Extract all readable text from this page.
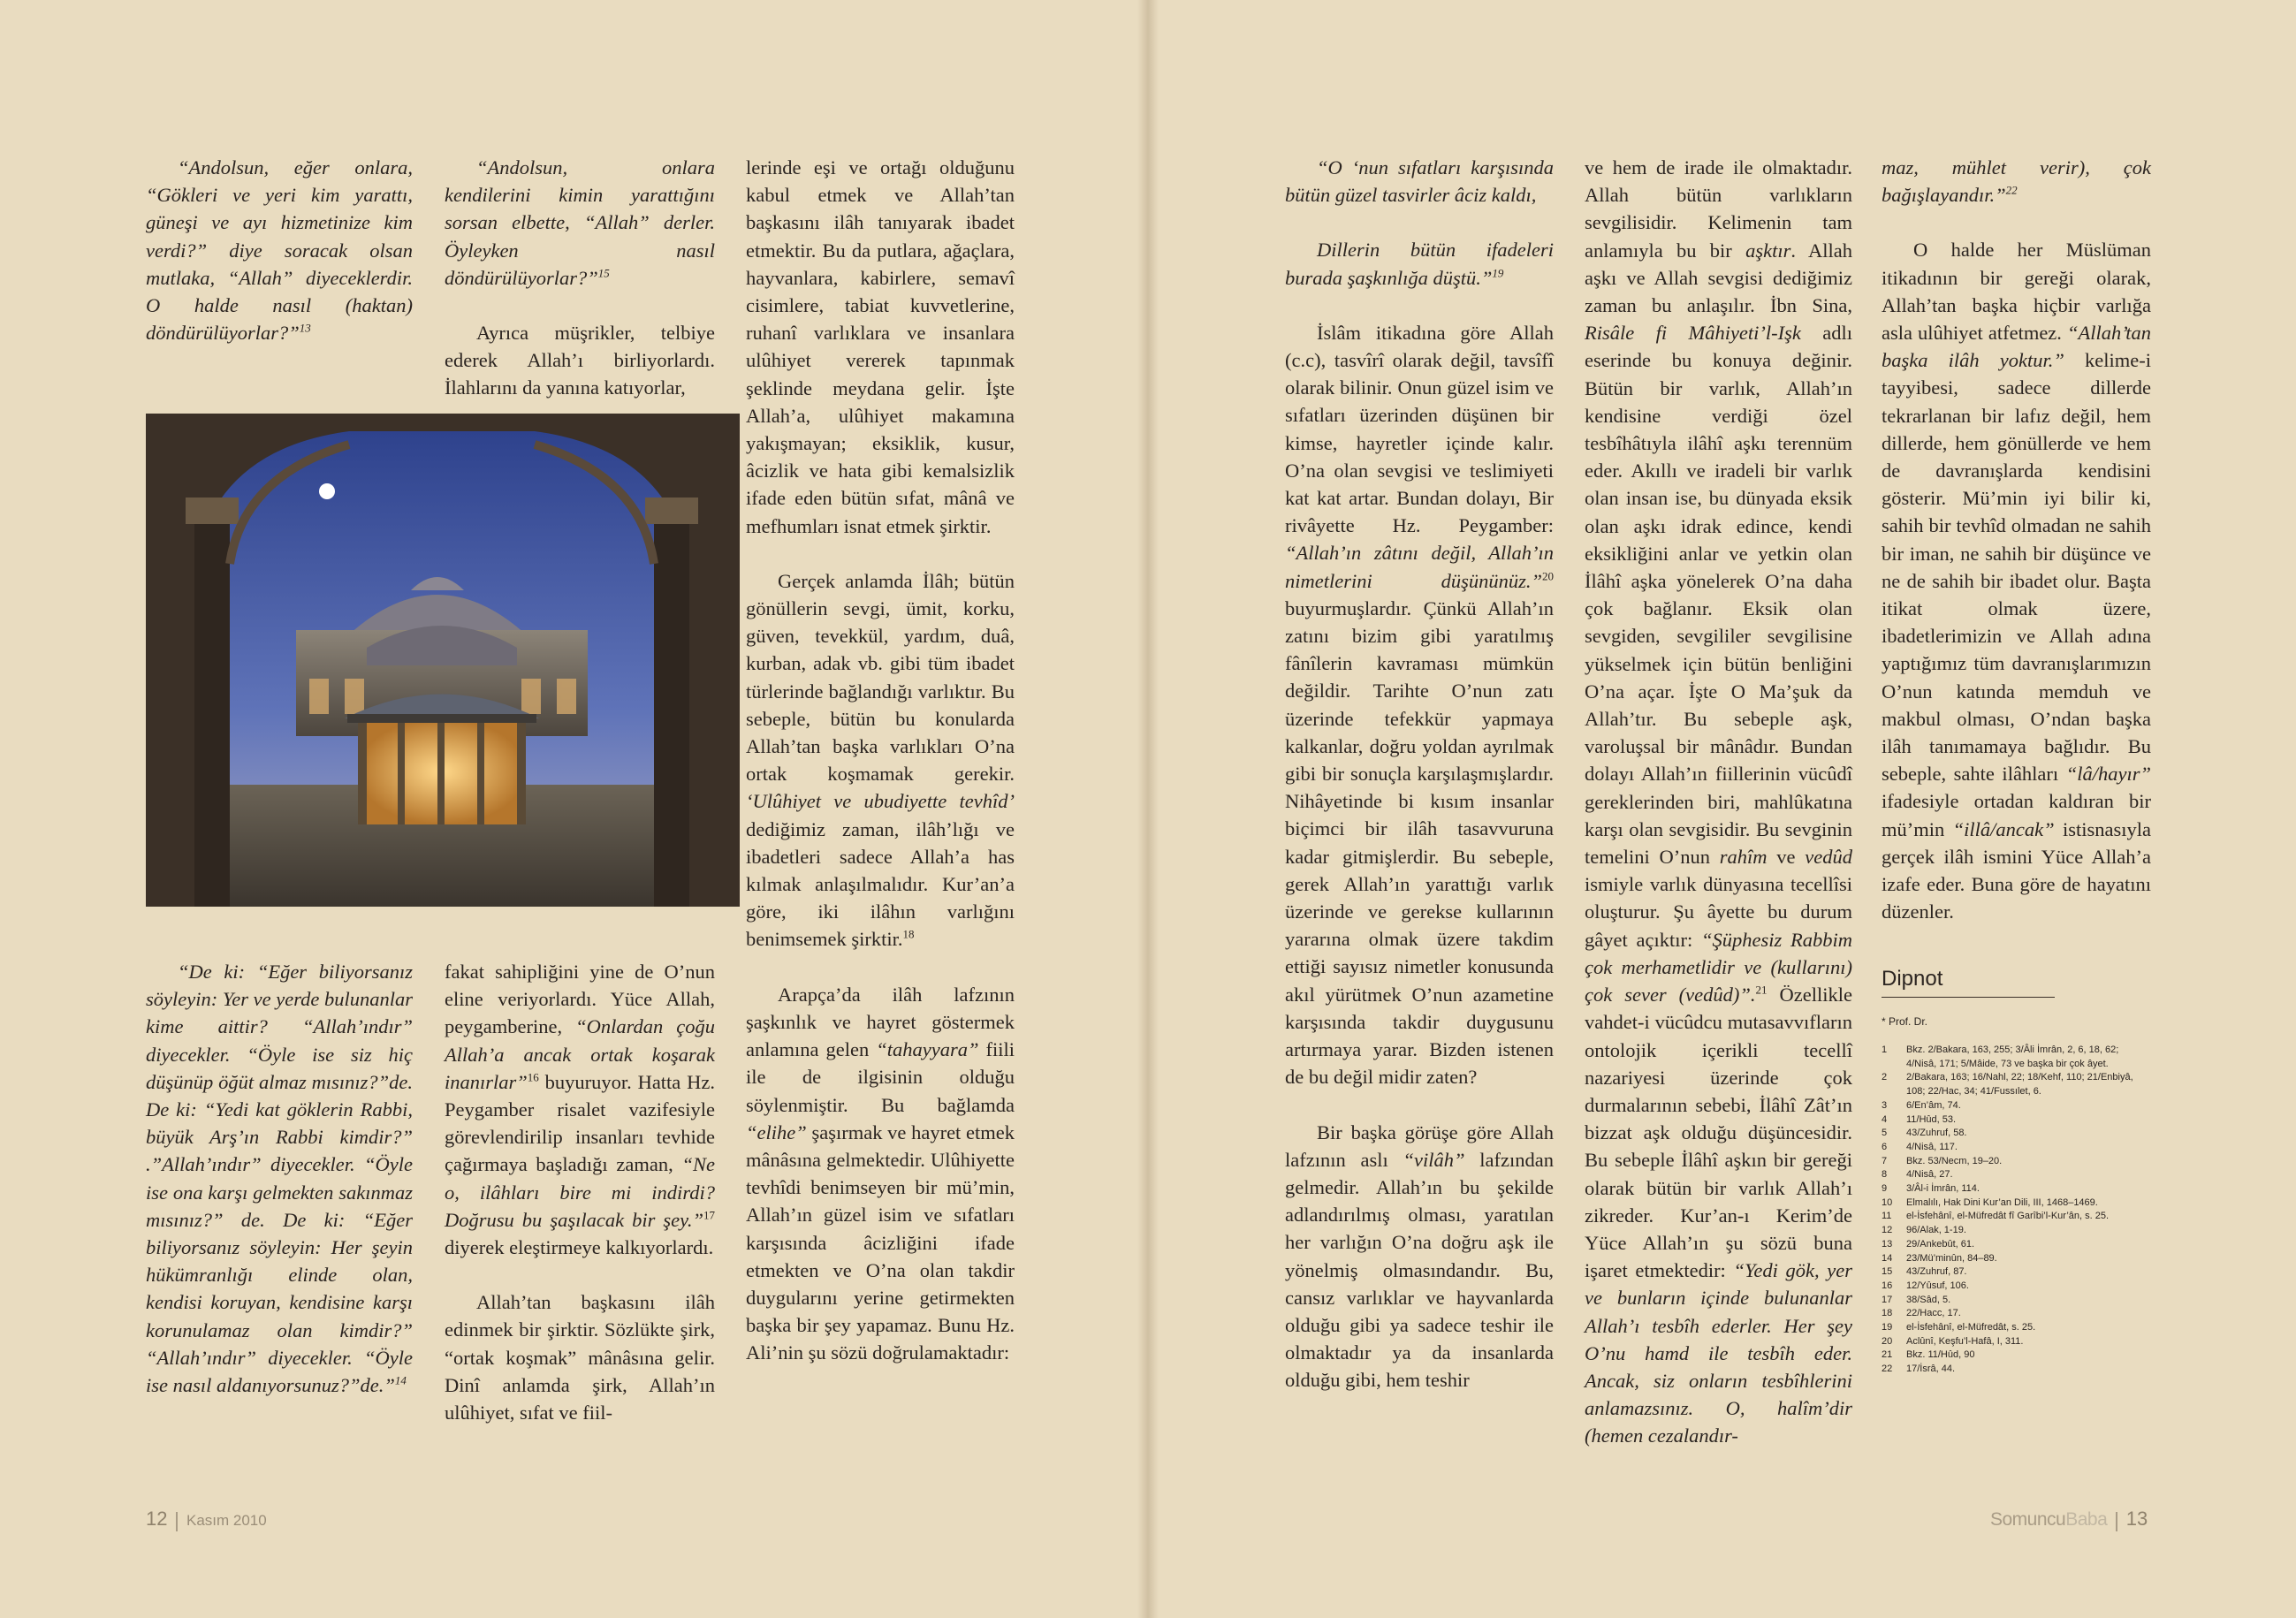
“Andolsun, eğer onlara, “Gökleri ve yeri kim yarattı, güneşi ve ayı hizmetinize kim verdi?” diye soracak olsan mutlaka, “Allah” diyeceklerdir. O halde nasıl (haktan) döndürülüyorlar?”$^{13}$

“Andolsun, onlara kendilerini kimin yarattığını sorsan elbette, “Allah” derler. Öyleyken nasıl döndürülüyorlar?”$^{15}$

Ayrıca müşrikler, telbiye ederek Allah’ı birliyorlardı. İlahlarını da yanına katıyorlar,

lerinde eşi ve ortağı olduğunu kabul etmek ve Allah’tan başkasını ilâh tanıyarak ibadet etmektir. Bu da putlara, ağaçlara, hayvanlara, kabirlere, semavî cisimlere, tabiat kuvvetlerine, ruhanî varlıklara ve insanlara ulûhiyet vererek tapınmak şeklinde meydana gelir. İşte Allah’a, ulûhiyet makamına yakışmayan; eksiklik, kusur, âcizlik ve hata gibi kemalsizlik ifade eden bütün sıfat, mânâ ve mefhumları isnat etmek şirktir.

Gerçek anlamda İlâh; bütün gönüllerin sevgi, ümit, korku, güven, tevekkül, yardım, duâ, kurban, adak vb. gibi tüm ibadet türlerinde bağlandığı varlıktır. Bu sebeple, bütün bu konularda Allah’tan başka varlıkları O’na ortak koşmamak gerekir. ‘Ulûhiyet ve ubudiyette tevhîd’ dediğimiz zaman, ilâh’lığı ve ibadetleri sadece Allah’a has kılmak anlaşılmalıdır. Kur’an’a göre, iki ilâhın varlığını benimsemek şirktir.$^{18}$

Arapça’da ilâh lafzının şaşkınlık ve hayret göstermek anlamına gelen “tahayyara” fiili ile de ilgisinin olduğu söylenmiştir. Bu bağlamda “elihe” şaşırmak ve hayret etmek mânâsına gelmektedir. Ulûhiyette tevhîdi benimseyen bir mü’min, Allah’ın güzel isim ve sıfatları karşısında âcizliğini ifade etmekten ve O’na olan takdir duygularını yerine getirmekten başka bir şey yapamaz. Bunu Hz. Ali’nin şu sözü doğrulamaktadır:

“De ki: “Eğer biliyorsanız söyleyin: Yer ve yerde bulunanlar kime aittir? “Allah’ındır” diyecekler. “Öyle ise siz hiç düşünüp öğüt almaz mısınız?”de. De ki: “Yedi kat göklerin Rabbi, büyük Arş’ın Rabbi kimdir?” .”Allah’ındır” diyecekler. “Öyle ise ona karşı gelmekten sakınmaz mısınız?” de. De ki: “Eğer biliyorsanız söyleyin: Her şeyin hükümranlığı elinde olan, kendisi koruyan, kendisine karşı korunulamaz olan kimdir?” “Allah’ındır” diyecekler. “Öyle ise nasıl aldanıyorsunuz?”de.”$^{14}$

fakat sahipliğini yine de O’nun eline veriyorlardı. Yüce Allah, peygamberine, “Onlardan çoğu Allah’a ancak ortak koşarak inanırlar”$^{16}$ buyuruyor. Hatta Hz. Peygamber risalet vazifesiyle görevlendirilip insanları tevhide çağırmaya başladığı zaman, “Ne o, ilâhları bire mi indirdi? Doğrusu bu şaşılacak bir şey.”$^{17}$ diyerek eleştirmeye kalkıyorlardı.

Allah’tan başkasını ilâh edinmek bir şirktir. Sözlükte şirk, “ortak koşmak” mânâsına gelir. Dinî anlamda şirk, Allah’ın ulûhiyet, sıfat ve fiil-

“O ‘nun sıfatları karşısında bütün güzel tasvirler âciz kaldı,

Dillerin bütün ifadeleri burada şaşkınlığa düştü.”$^{19}$

İslâm itikadına göre Allah (c.c), tasvîrî olarak değil, tavsîfî olarak bilinir. Onun güzel isim ve sıfatları üzerinden düşünen bir kimse, hayretler içinde kalır. O’na olan sevgisi ve teslimiyeti kat kat artar. Bundan dolayı, Bir rivâyette Hz. Peygamber: “Allah’ın zâtını değil, Allah’ın nimetlerini düşününüz.”$^{20}$ buyurmuşlardır. Çünkü Allah’ın zatını bizim gibi yaratılmış fânîlerin kavraması mümkün değildir. Tarihte O’nun zatı üzerinde tefekkür yapmaya kalkanlar, doğru yoldan ayrılmak gibi bir sonuçla karşılaşmışlardır. Nihâyetinde bi kısım insanlar biçimci bir ilâh tasavvuruna kadar gitmişlerdir. Bu sebeple, gerek Allah’ın yarattığı varlık üzerinde ve gerekse kullarının yararına olmak üzere takdim ettiği sayısız nimetler konusunda akıl yürütmek O’nun azametine karşısında takdir duygusunu artırmaya yarar. Bizden istenen de bu değil midir zaten?

Bir başka görüşe göre Allah lafzının aslı “vilâh” lafzından gelmedir. Allah’ın bu şekilde adlandırılmış olması, yaratılan her varlığın O’na doğru aşk ile yönelmiş olmasındandır. Bu, cansız varlıklar ve hayvanlarda olduğu gibi ya sadece teshir ile olmaktadır ya da insanlarda olduğu gibi, hem teshir

ve hem de irade ile olmaktadır. Allah bütün varlıkların sevgilisidir. Kelimenin tam anlamıyla bu bir aşktır. Allah aşkı ve Allah sevgisi dediğimiz zaman bu anlaşılır. İbn Sina, Risâle fi Mâhiyeti’l-Işk adlı eserinde bu konuya değinir. Bütün bir varlık, Allah’ın kendisine verdiği özel tesbîhâtıyla ilâhî aşkı terennüm eder. Akıllı ve iradeli bir varlık olan insan ise, bu dünyada eksik olan aşkı idrak edince, kendi eksikliğini anlar ve yetkin olan İlâhî aşka yönelerek O’na daha çok bağlanır. Eksik olan sevgiden, sevgililer sevgilisine yükselmek için bütün benliğini O’na açar. İşte O Ma’şuk da Allah’tır. Bu sebeple aşk, varoluşsal bir mânâdır. Bundan dolayı Allah’ın fiillerinin vücûdî gereklerinden biri, mahlûkatına karşı olan sevgisidir. Bu sevginin temelini O’nun rahîm ve vedûd ismiyle varlık dünyasına tecellîsi oluşturur. Şu âyette bu durum gâyet açıktır: “Şüphesiz Rabbim çok merhametlidir ve (kullarını) çok sever (vedûd)”.$^{21}$ Özellikle vahdet-i vücûdcu mutasavvıfların ontolojik içerikli tecellî nazariyesi üzerinde çok durmalarının sebebi, İlâhî Zât’ın bizzat aşk olduğu düşüncesidir. Bu sebeple İlâhî aşkın bir gereği olarak bütün bir varlık Allah’ı zikreder. Kur’an-ı Kerim’de Yüce Allah’ın şu sözü buna işaret etmektedir: “Yedi gök, yer ve bunların içinde bulunanlar Allah’ı tesbîh ederler. Her şey O’nu hamd ile tesbîh eder. Ancak, siz onların tesbîhlerini anlamazsınız. O, halîm’dir (hemen cezalandır-

maz, mühlet verir), çok bağışlayandır.”$^{22}$

O halde her Müslüman itikadının bir gereği olarak, Allah’tan başka hiçbir varlığa asla ulûhiyet atfetmez. “Allah’tan başka ilâh yoktur.” kelime-i tayyibesi, sadece dillerde tekrarlanan bir lafız değil, hem dillerde, hem gönüllerde ve hem de davranışlarda kendisini gösterir. Mü’min iyi bilir ki, sahih bir tevhîd olmadan ne sahih bir iman, ne sahih bir düşünce ve ne de sahih bir ibadet olur. Başta itikat olmak üzere, ibadetlerimizin ve Allah adına yaptığımız tüm davranışlarımızın O’nun katında memduh ve makbul olması, O’ndan başka ilâh tanımamaya bağlıdır. Bu sebeple, sahte ilâhları “lâ/hayır” ifadesiyle ortadan kaldıran bir mü’min “illâ/ancak” istisnasıyla gerçek ilâh ismini Yüce Allah’a izafe eder. Buna göre de hayatını düzenler.

Dipnot
* Prof. Dr.
1	Bkz. 2/Bakara, 163, 255; 3/Âli İmrân, 2, 6, 18, 62; 4/Nisâ, 171; 5/Mâide, 73 ve başka bir çok âyet.
2	2/Bakara, 163; 16/Nahl, 22; 18/Kehf, 110; 21/Enbiyâ, 108; 22/Hac, 34; 41/Fussılet, 6.
3	6/En’âm, 74.
4	11/Hûd, 53.
5	43/Zuhruf, 58.
6	4/Nisâ, 117.
7	Bkz. 53/Necm, 19–20.
8	4/Nisâ, 27.
9	3/Âl-i İmrân, 114.
10	Elmalılı, Hak Dini Kur’an Dili, III, 1468–1469.
11	el-İsfehânî, el-Müfredât fî Garîbi’l-Kur’ân, s. 25.
12	96/Alak, 1-19.
13	29/Ankebût, 61.
14	23/Mü’minûn, 84–89.
15	43/Zuhruf, 87.
16	12/Yûsuf, 106.
17	38/Sâd, 5.
18	22/Hacc, 17.
19	el-İsfehânî, el-Müfredât, s. 25.
20	Aclûnî, Keşfu’l-Hafâ, I, 311.
21	Bkz. 11/Hûd, 90
22	17/İsrâ, 44.
12 Kasım 2010	SomuncuBaba 13
